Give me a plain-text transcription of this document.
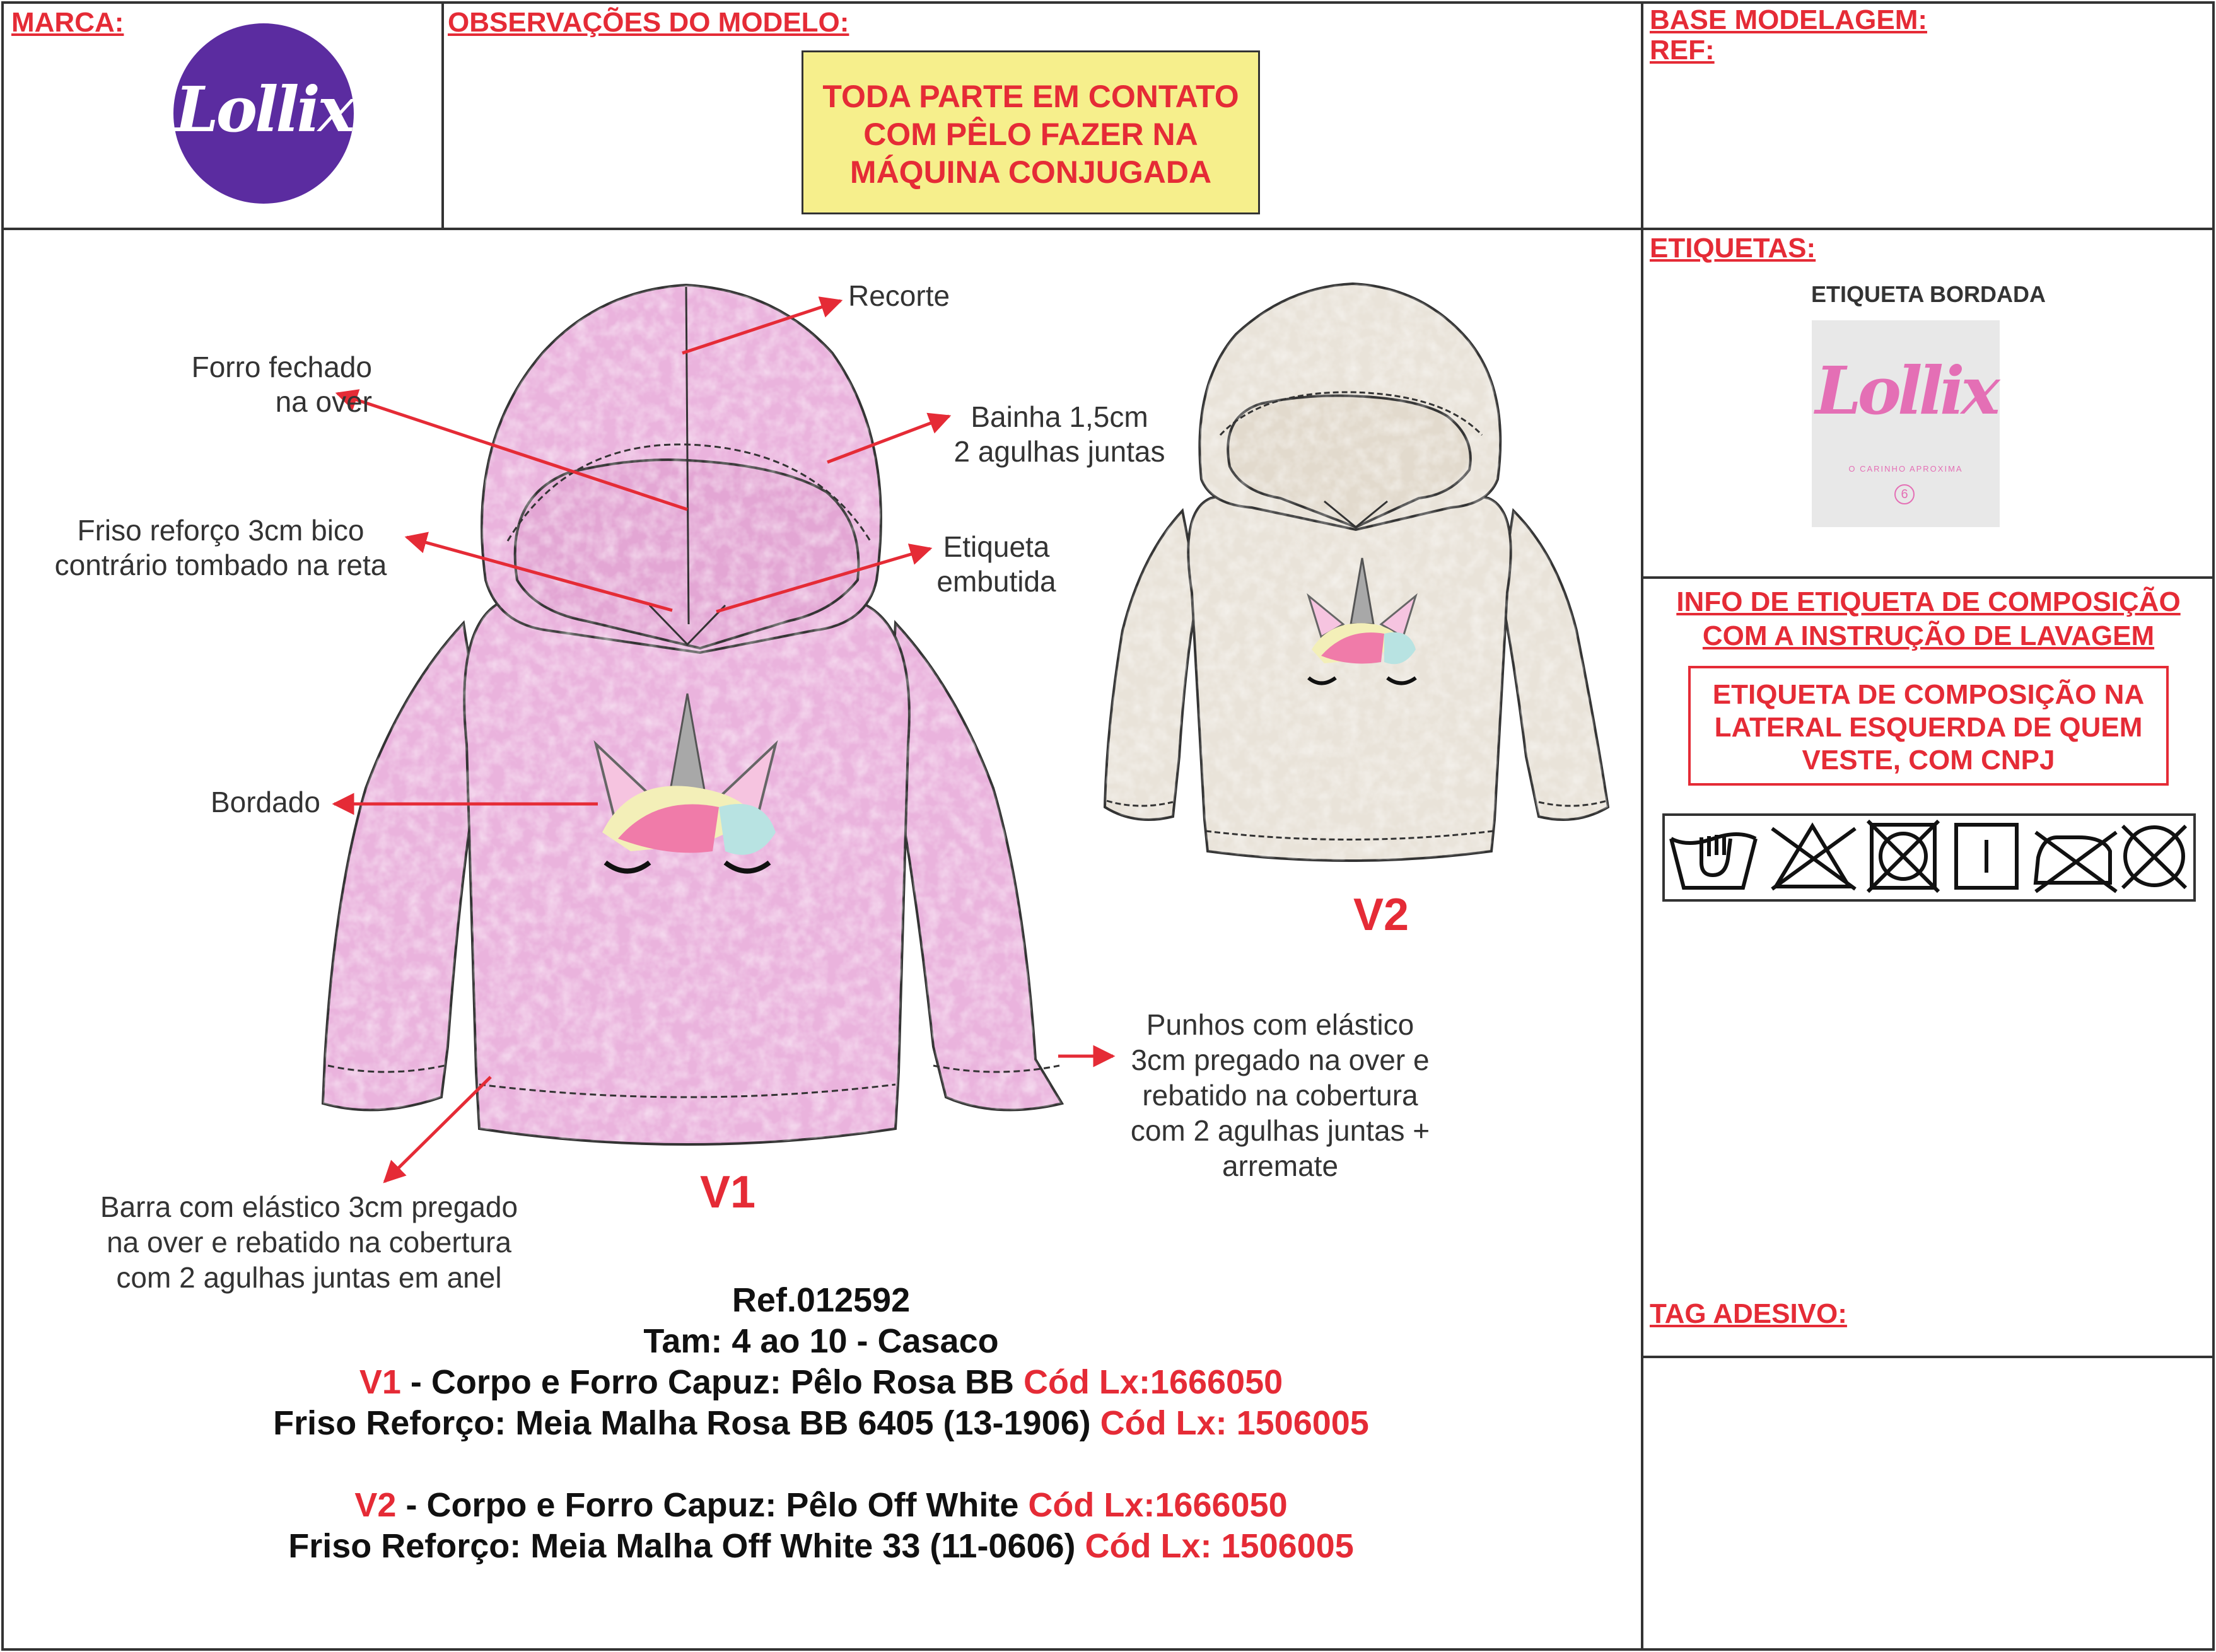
MARCA:	OBSERVAÇÕES DO MODELO:	BASE MODELAGEM:
REF:
Lollix	TODA PARTE EM CONTATO
COM PÊLO FAZER NA
MÁQUINA CONJUGADA
ETIQUETAS:
ETIQUETA BORDADA
Lollix
O CARINHO APROXIMA
6
INFO DE ETIQUETA DE COMPOSIÇÃO
COM A INSTRUÇÃO DE LAVAGEM
ETIQUETA DE COMPOSIÇÃO NA
LATERAL ESQUERDA DE QUEM
VESTE, COM CNPJ
TAG ADESIVO:
Recorte
Forro fechado
na over	Bainha 1,5cm
2 agulhas juntas
Friso reforço 3cm bico
contrário tombado na reta
Etiqueta
embutida
Bordado
Punhos com elástico
3cm pregado na over e
rebatido na cobertura
com 2 agulhas juntas +
arremate
Barra com elástico 3cm pregado
na over e rebatido na cobertura
com 2 agulhas juntas em anel
V1
V2
Ref.012592
Tam: 4 ao 10 - Casaco
V1 - Corpo e Forro Capuz: Pêlo Rosa BB Cód Lx:1666050
Friso Reforço: Meia Malha Rosa BB 6405 (13-1906) Cód Lx: 1506005
V2 - Corpo e Forro Capuz: Pêlo Off White Cód Lx:1666050
Friso Reforço: Meia Malha Off White 33 (11-0606) Cód Lx: 1506005
